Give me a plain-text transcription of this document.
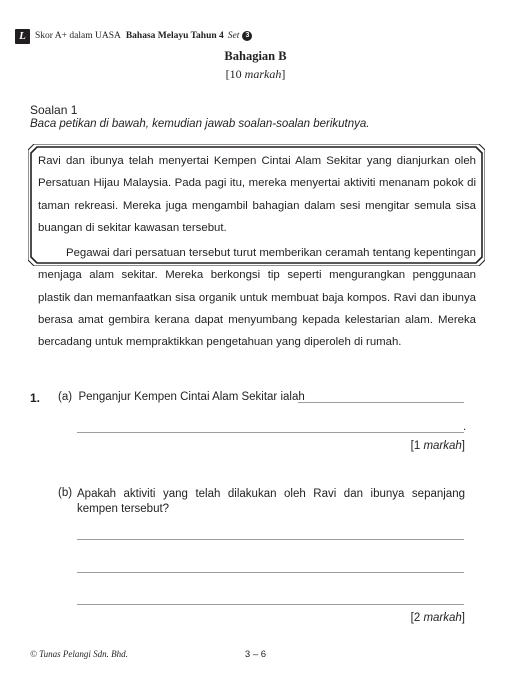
L Skor A+ dalam UASA Bahasa Melayu Tahun 4 Set 3
Bahagian B
[10 markah]
Soalan 1
Baca petikan di bawah, kemudian jawab soalan-soalan berikutnya.

Ravi dan ibunya telah menyertai Kempen Cintai Alam Sekitar yang dianjurkan oleh Persatuan Hijau Malaysia. Pada pagi itu, mereka menyertai aktiviti menanam pokok di taman rekreasi. Mereka juga mengambil bahagian dalam sesi mengitar semula sisa buangan di sekitar kawasan tersebut.

Pegawai dari persatuan tersebut turut memberikan ceramah tentang kepentingan menjaga alam sekitar. Mereka berkongsi tip seperti mengurangkan penggunaan plastik dan memanfaatkan sisa organik untuk membuat baja kompos. Ravi dan ibunya berasa amat gembira kerana dapat menyumbang kepada kelestarian alam. Mereka bercadang untuk mempraktikkan pengetahuan yang diperoleh di rumah.

1. (a) Penganjur Kempen Cintai Alam Sekitar ialah
.
[1 markah]
(b) Apakah aktiviti yang telah dilakukan oleh Ravi dan ibunya sepanjang kempen tersebut?
[2 markah]
© Tunas Pelangi Sdn. Bhd.	3 – 6
